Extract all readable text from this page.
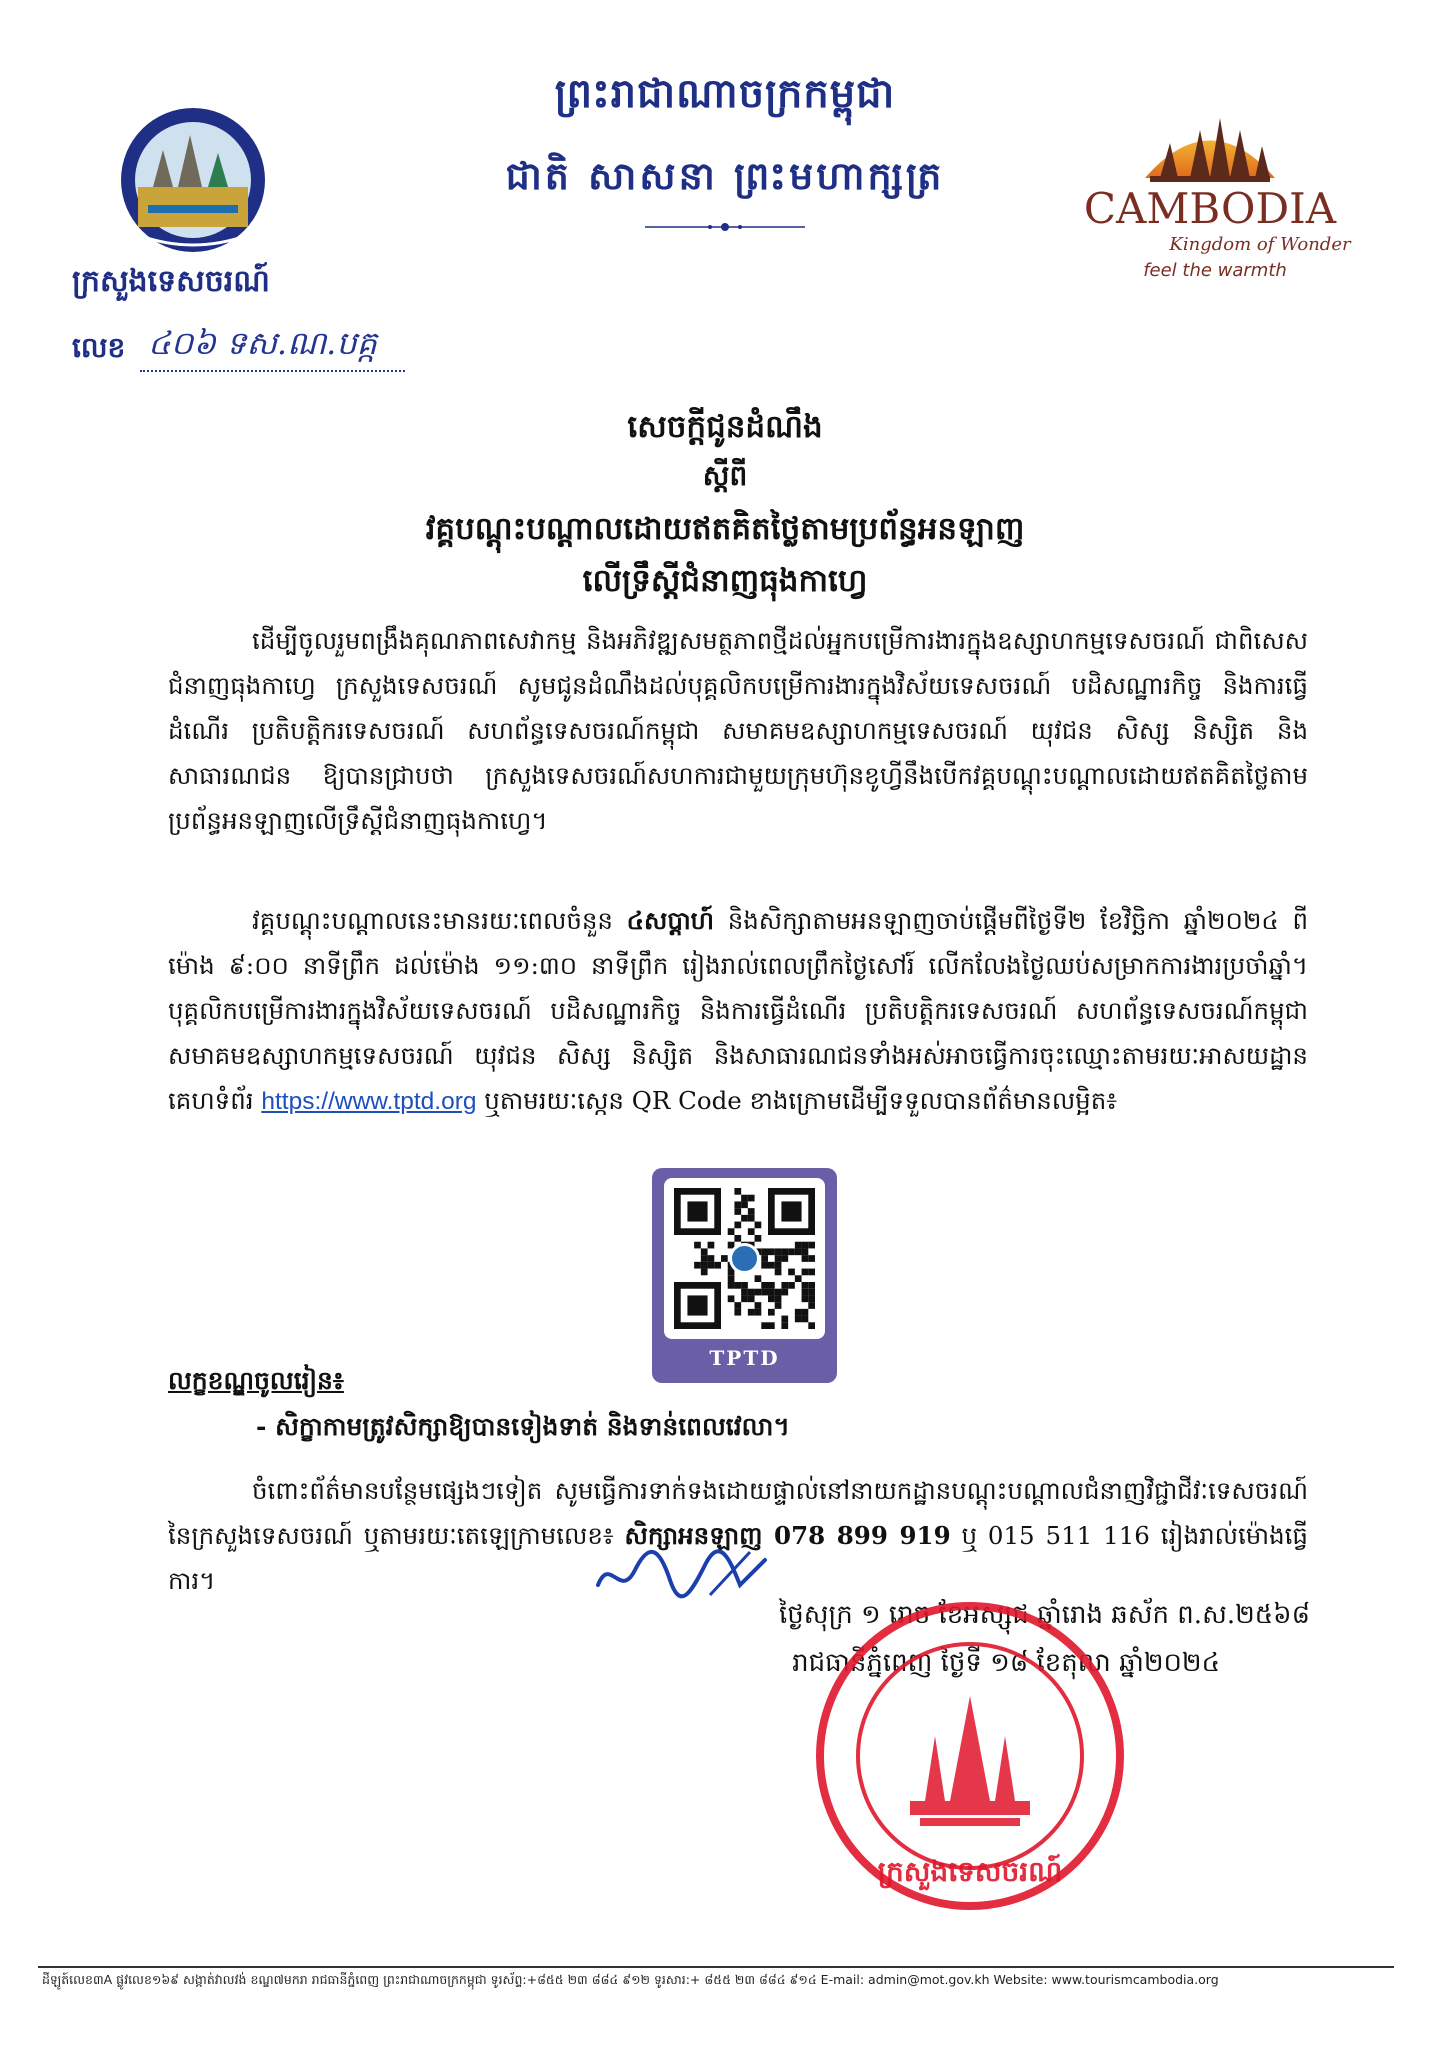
ព្រះរាជាណាចក្រកម្ពុជា
ជាតិ សាសនា ព្រះមហាក្សត្រ
CAMBODIA
Kingdom of Wonder
feel the warmth
ក្រសួងទេសចរណ៍
លេខ ៤០៦ ទស.ណ.បគ្ក
សេចក្តីជូនដំណឹង
ស្តីពី
វគ្គបណ្តុះបណ្តាលដោយឥតគិតថ្លៃតាមប្រព័ន្ធអនឡាញ
លើទ្រឹស្តីជំនាញធុងកាហ្វេ
ដើម្បីចូលរួមពង្រឹងគុណភាពសេវាកម្ម និងអភិវឌ្ឍសមត្ថភាពថ្មីដល់អ្នកបម្រើការងារក្នុងឧស្សាហកម្មទេសចរណ៍ ជាពិសេសជំនាញធុងកាហ្វេ ក្រសួងទេសចរណ៍ សូមជូនដំណឹងដល់បុគ្គលិកបម្រើការងារក្នុងវិស័យទេសចរណ៍ បដិសណ្ឋារកិច្ច និងការធ្វើដំណើរ ប្រតិបត្តិករទេសចរណ៍ សហព័ន្ធទេសចរណ៍កម្ពុជា សមាគមឧស្សាហកម្មទេសចរណ៍ យុវជន សិស្ស និស្សិត និងសាធារណជន ឱ្យបានជ្រាបថា ក្រសួងទេសចរណ៍សហការជាមួយក្រុមហ៊ុនខូហ្វីនឹងបើកវគ្គបណ្តុះបណ្តាលដោយឥតគិតថ្លៃតាមប្រព័ន្ធអនឡាញលើទ្រឹស្តីជំនាញធុងកាហ្វេ។
វគ្គបណ្តុះបណ្តាលនេះមានរយៈពេលចំនួន ៤សប្តាហ៍ និងសិក្សាតាមអនឡាញចាប់ផ្តើមពីថ្ងៃទី២ ខែវិច្ឆិកា ឆ្នាំ២០២៤ ពីម៉ោង ៩:០០ នាទីព្រឹក ដល់ម៉ោង ១១:៣០ នាទីព្រឹក រៀងរាល់ពេលព្រឹកថ្ងៃសៅរ៍ លើកលែងថ្ងៃឈប់សម្រាកការងារប្រចាំឆ្នាំ។ បុគ្គលិកបម្រើការងារក្នុងវិស័យទេសចរណ៍ បដិសណ្ឋារកិច្ច និងការធ្វើដំណើរ ប្រតិបត្តិករទេសចរណ៍ សហព័ន្ធទេសចរណ៍កម្ពុជា សមាគមឧស្សាហកម្មទេសចរណ៍ យុវជន សិស្ស និស្សិត និងសាធារណជនទាំងអស់អាចធ្វើការចុះឈ្មោះតាមរយៈអាសយដ្ឋានគេហទំព័រ https://www.tptd.org ឬតាមរយៈស្កេន QR Code ខាងក្រោមដើម្បីទទួលបានព័ត៌មានលម្អិត៖
TPTD
លក្ខខណ្ឌចូលរៀន៖
- សិក្ខាកាមត្រូវសិក្សាឱ្យបានទៀងទាត់ និងទាន់ពេលវេលា។
ចំពោះព័ត៌មានបន្ថែមផ្សេងៗទៀត សូមធ្វើការទាក់ទងដោយផ្ទាល់នៅនាយកដ្ឋានបណ្តុះបណ្តាលជំនាញវិជ្ជាជីវៈទេសចរណ៍នៃក្រសួងទេសចរណ៍ ឬតាមរយៈតេឡេក្រាមលេខ៖ សិក្សាអនឡាញ 078 899 919 ឬ 015 511 116 រៀងរាល់ម៉ោងធ្វើការ។
ថ្ងៃសុក្រ ១ រោច ខែអស្សុជ ឆ្នាំរោង ឆស័ក ព.ស.២៥៦៨
រាជធានីភ្នំពេញ ថ្ងៃទី ១៨ ខែតុលា ឆ្នាំ២០២៤
ក្រសួងទេសចរណ៍
ដីឡូត៍លេខ៣A ផ្លូវលេខ១៦៩ សង្កាត់វាលវង់ ខណ្ឌ៧មករា រាជធានីភ្នំពេញ ព្រះរាជាណាចក្រកម្ពុជា ទូរស័ព្ទ:+៨៥៥ ២៣ ៨៨៤ ៩១២ ទូរសារ:+ ៨៥៥ ២៣ ៨៨៤ ៩១៤ E-mail: admin@mot.gov.kh Website: www.tourismcambodia.org
